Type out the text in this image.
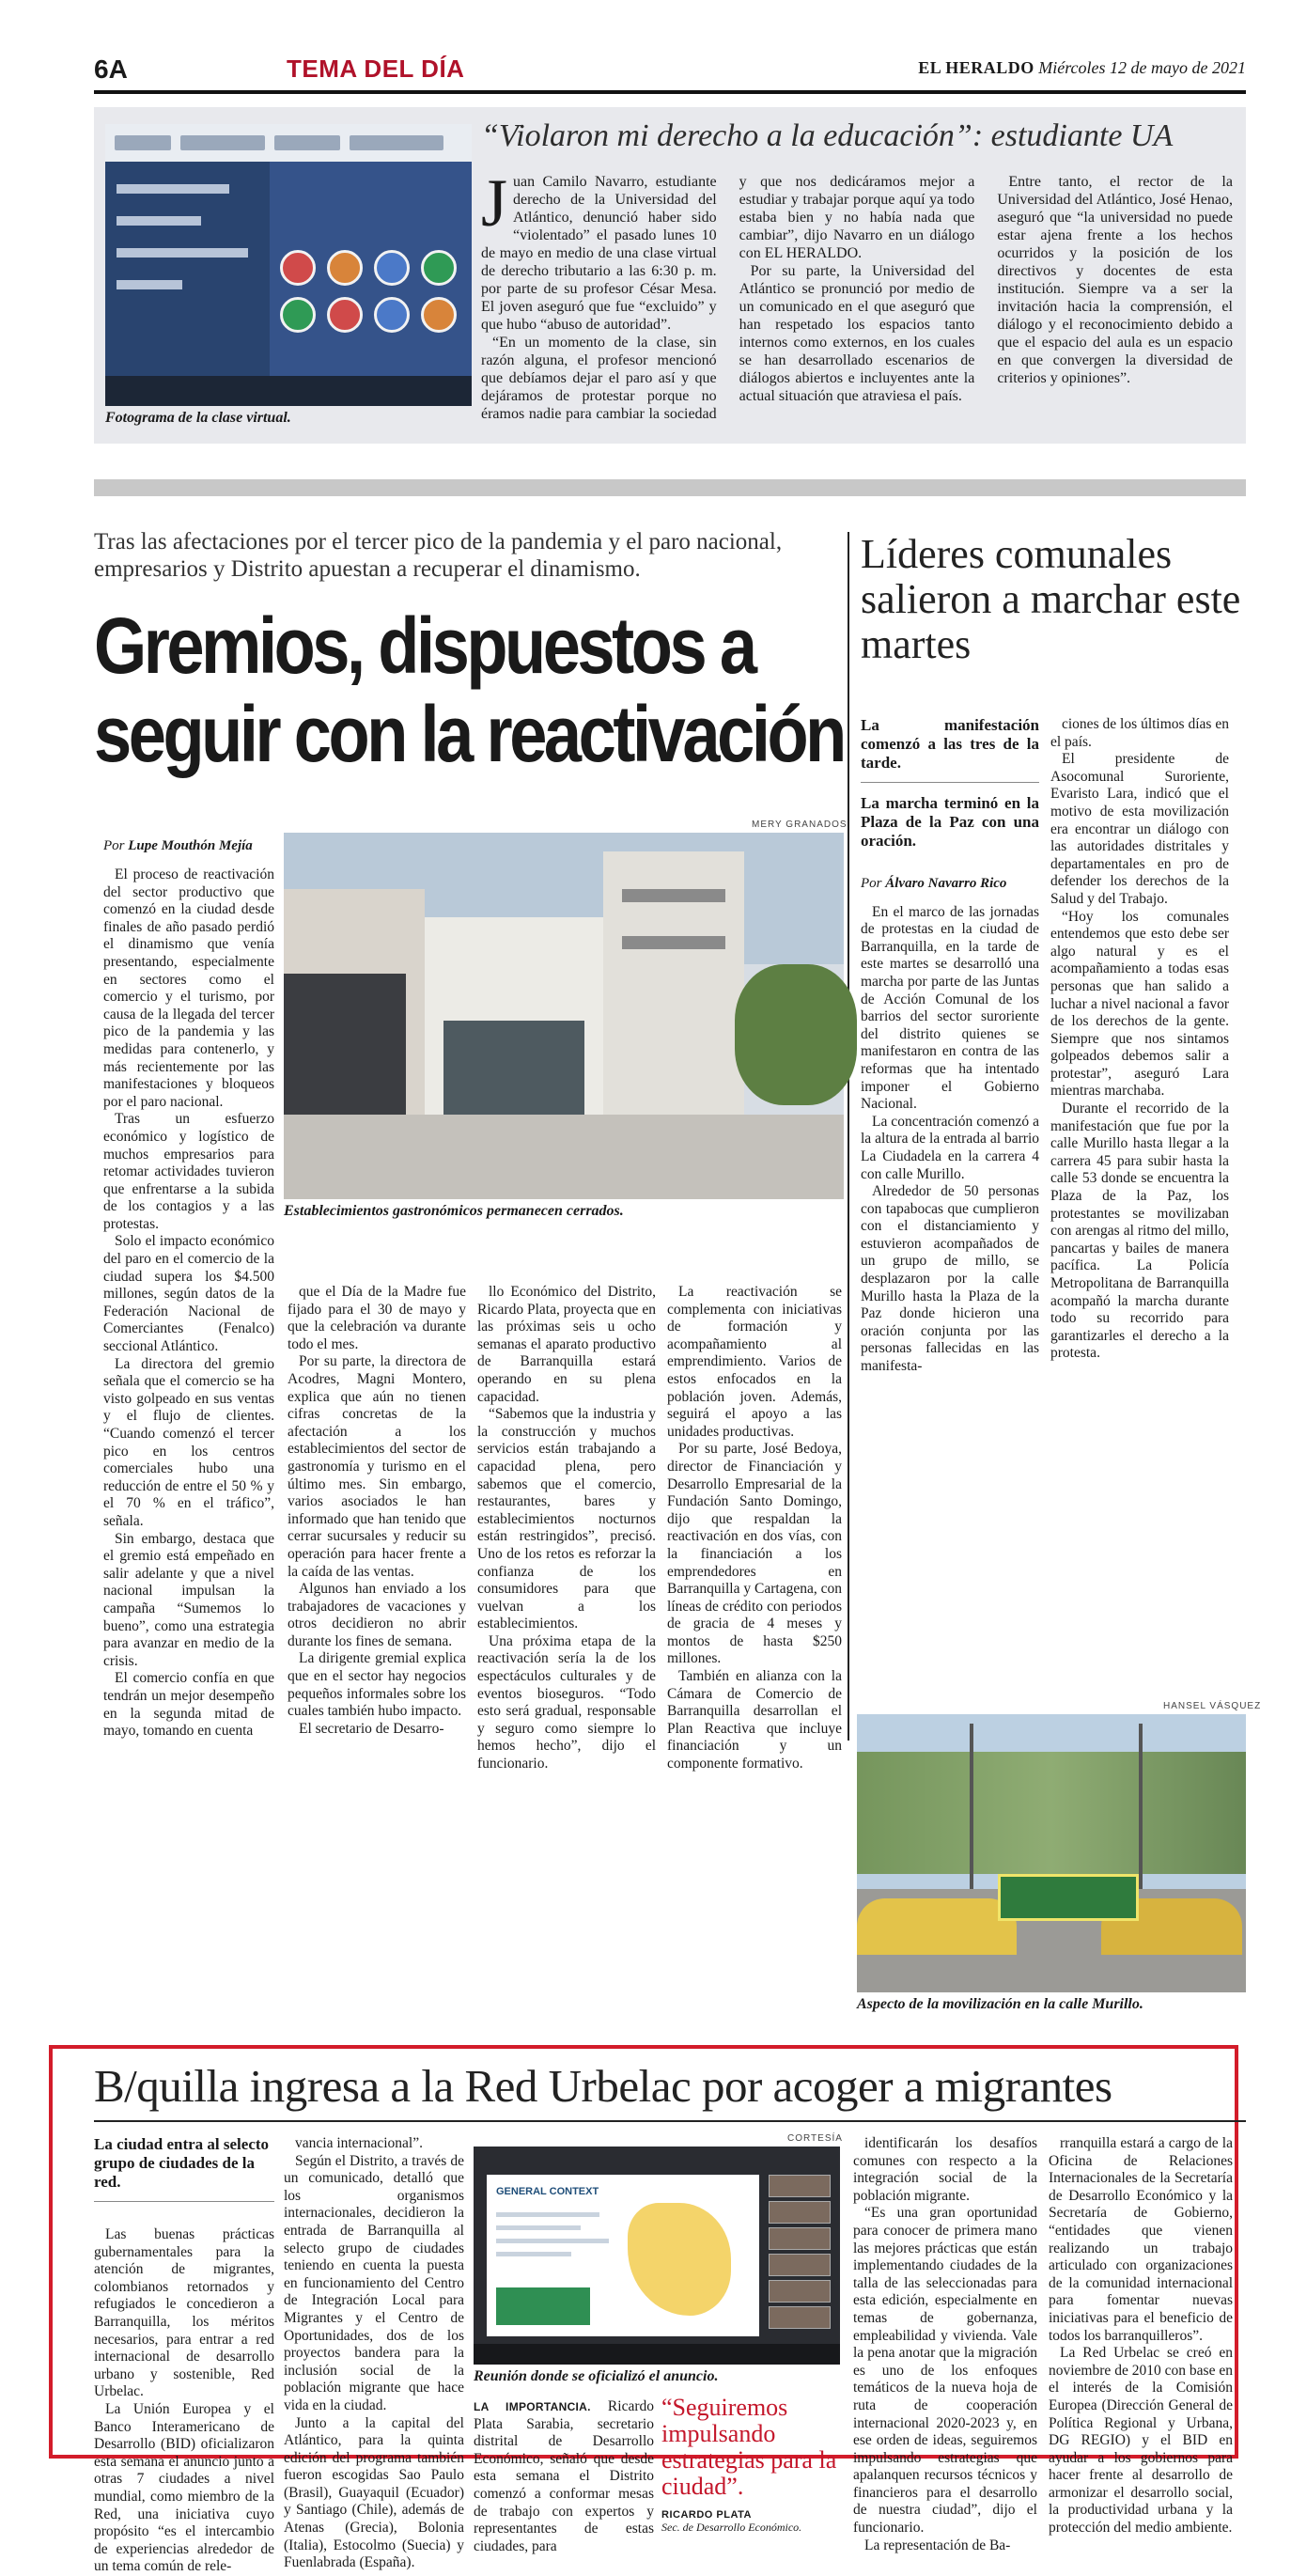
6A	TEMA DEL DÍA	EL HERALDO Miércoles 12 de mayo de 2021

Fotograma de la clase virtual.
“Violaron mi derecho a la educación”: estudiante UA

Juan Camilo Navarro, estudiante derecho de la Universidad del Atlántico, denunció haber sido “violentado” el pasado lunes 10 de mayo en medio de una clase virtual de derecho tributario a las 6:30 p. m. por parte de su profesor César Mesa. El joven aseguró que fue “excluido” y que hubo “abuso de autoridad”.

“En un momento de la clase, sin razón alguna, el profesor mencionó que debíamos dejar el paro así y que dejáramos de protestar porque no éramos nadie para cambiar la sociedad y que nos dedicáramos mejor a estudiar y trabajar porque aquí ya todo estaba bien y no había nada que cambiar”, dijo Navarro en un diálogo con EL HERALDO.

Por su parte, la Universidad del Atlántico se pronunció por medio de un comunicado en el que aseguró que han respetado los espacios tanto internos como externos, en los cuales se han desarrollado escenarios de diálogos abiertos e incluyentes ante la actual situación que atraviesa el país.

Entre tanto, el rector de la Universidad del Atlántico, José Henao, aseguró que “la universidad no puede estar ajena frente a los hechos ocurridos y la posición de los directivos y docentes de esta institución. Siempre va a ser la invitación hacia la comprensión, el diálogo y el reconocimiento debido a que el espacio del aula es un espacio en que convergen la diversidad de criterios y opiniones”.

Tras las afectaciones por el tercer pico de la pandemia y el paro nacional, empresarios y Distrito apuestan a recuperar el dinamismo.
Gremios, dispuestos a
seguir con la reactivación
Por Lupe Mouthón Mejía
MERY GRANADOS
Establecimientos gastronómicos permanecen cerrados.

El proceso de reactivación del sector productivo que comenzó en la ciudad desde finales de año pasado perdió el dinamismo que venía presentando, especialmente en sectores como el comercio y el turismo, por causa de la llegada del tercer pico de la pandemia y las medidas para contenerlo, y más recientemente por las manifestaciones y bloqueos por el paro nacional.

Tras un esfuerzo económico y logístico de muchos empresarios para retomar actividades tuvieron que enfrentarse a la subida de los contagios y a las protestas.

Solo el impacto económico del paro en el comercio de la ciudad supera los $4.500 millones, según datos de la Federación Nacional de Comerciantes (Fenalco) seccional Atlántico.

La directora del gremio señala que el comercio se ha visto golpeado en sus ventas y el flujo de clientes. “Cuando comenzó el tercer pico en los centros comerciales hubo una reducción de entre el 50 % y el 70 % en el tráfico”, señala.

Sin embargo, destaca que el gremio está empeñado en salir adelante y que a nivel nacional impulsan la campaña “Sumemos lo bueno”, como una estrategia para avanzar en medio de la crisis.

El comercio confía en que tendrán un mejor desempeño en la segunda mitad de mayo, tomando en cuenta

que el Día de la Madre fue fijado para el 30 de mayo y que la celebración va durante todo el mes.

Por su parte, la directora de Acodres, Magni Montero, explica que aún no tienen cifras concretas de la afectación a los establecimientos del sector de gastronomía y turismo en el último mes. Sin embargo, varios asociados le han informado que han tenido que cerrar sucursales y reducir su operación para hacer frente a la caída de las ventas.

Algunos han enviado a los trabajadores de vacaciones y otros decidieron no abrir durante los fines de semana.

La dirigente gremial explica que en el sector hay negocios pequeños informales sobre los cuales también hubo impacto.

El secretario de Desarro-

llo Económico del Distrito, Ricardo Plata, proyecta que en las próximas seis u ocho semanas el aparato productivo de Barranquilla estará operando en su plena capacidad.

“Sabemos que la industria y la construcción y muchos servicios están trabajando a capacidad plena, pero sabemos que el comercio, restaurantes, bares y establecimientos nocturnos están restringidos”, precisó. Uno de los retos es reforzar la confianza de los consumidores para que vuelvan a los establecimientos.

Una próxima etapa de la reactivación sería la de los espectáculos culturales y de eventos bioseguros. “Todo esto será gradual, responsable y seguro como siempre lo hemos hecho”, dijo el funcionario.

La reactivación se complementa con iniciativas de formación y acompañamiento al emprendimiento. Varios de estos enfocados en la población joven. Además, seguirá el apoyo a las unidades productivas.

Por su parte, José Bedoya, director de Financiación y Desarrollo Empresarial de la Fundación Santo Domingo, dijo que respaldan la reactivación en dos vías, con la financiación a los emprendedores en Barranquilla y Cartagena, con líneas de crédito con periodos de gracia de 4 meses y montos de hasta $250 millones.

También en alianza con la Cámara de Comercio de Barranquilla desarrollan el Plan Reactiva que incluye financiación y un componente formativo.

Líderes comunales salieron a marchar este martes
La manifestación comenzó a las tres de la tarde.
La marcha terminó en la Plaza de la Paz con una oración.
Por Álvaro Navarro Rico

En el marco de las jornadas de protestas en la ciudad de Barranquilla, en la tarde de este martes se desarrolló una marcha por parte de las Juntas de Acción Comunal de los barrios del sector suroriente del distrito quienes se manifestaron en contra de las reformas que ha intentado imponer el Gobierno Nacional.

La concentración comenzó a la altura de la entrada al barrio La Ciudadela en la carrera 4 con calle Murillo.

Alrededor de 50 personas con tapabocas que cumplieron con el distanciamiento y estuvieron acompañados de un grupo de millo, se desplazaron por la calle Murillo hasta la Plaza de la Paz donde hicieron una oración conjunta por las personas fallecidas en las manifesta-

ciones de los últimos días en el país.

El presidente de Asocomunal Suroriente, Evaristo Lara, indicó que el motivo de esta movilización era encontrar un diálogo con las autoridades distritales y departamentales en pro de defender los derechos de la Salud y del Trabajo.

“Hoy los comunales entendemos que esto debe ser algo natural y es el acompañamiento a todas esas personas que han salido a luchar a nivel nacional a favor de los derechos de la gente. Siempre que nos sintamos golpeados debemos salir a protestar”, aseguró Lara mientras marchaba.

Durante el recorrido de la manifestación que fue por la calle Murillo hasta llegar a la carrera 45 para subir hasta la calle 53 donde se encuentra la Plaza de la Paz, los protestantes se movilizaban con arengas al ritmo del millo, pancartas y bailes de manera pacífica. La Policía Metropolitana de Barranquilla acompañó la marcha durante todo su recorrido para garantizarles el derecho a la protesta.

HANSEL VÁSQUEZ
Aspecto de la movilización en la calle Murillo.
B/quilla ingresa a la Red Urbelac por acoger a migrantes
La ciudad entra al selecto grupo de ciudades de la red.

Las buenas prácticas gubernamentales para la atención de migrantes, colombianos retornados y refugiados le concedieron a Barranquilla, los méritos necesarios, para entrar a red internacional de desarrollo urbano y sostenible, Red Urbelac.

La Unión Europea y el Banco Interamericano de Desarrollo (BID) oficializaron esta semana el anuncio junto a otras 7 ciudades a nivel mundial, como miembro de la Red, una iniciativa cuyo propósito “es el intercambio de experiencias alrededor de un tema común de rele-

vancia internacional”.

Según el Distrito, a través de un comunicado, detalló que los organismos internacionales, decidieron la entrada de Barranquilla al selecto grupo de ciudades teniendo en cuenta la puesta en funcionamiento del Centro de Integración Local para Migrantes y el Centro de Oportunidades, dos de los proyectos bandera para la inclusión social de la población migrante que hace vida en la ciudad.

Junto a la capital del Atlántico, para la quinta edición del programa también fueron escogidas Sao Paulo (Brasil), Guayaquil (Ecuador) y Santiago (Chile), además de Atenas (Grecia), Bolonia (Italia), Estocolmo (Suecia) y Fuenlabrada (España).

CORTESÍA
GENERAL CONTEXT
Reunión donde se oficializó el anuncio.

LA IMPORTANCIA. Ricardo Plata Sarabia, secretario distrital de Desarrollo Económico, señaló que desde esta semana el Distrito comenzó a conformar mesas de trabajo con expertos y representantes de estas ciudades, para

“Seguiremos impulsando estrategias para la ciudad”.
RICARDO PLATA
Sec. de Desarrollo Económico.

identificarán los desafíos comunes con respecto a la integración social de la población migrante.

“Es una gran oportunidad para conocer de primera mano las mejores prácticas que están implementando ciudades de la talla de las seleccionadas para esta edición, especialmente en temas de gobernanza, empleabilidad y vivienda. Vale la pena anotar que la migración es uno de los enfoques temáticos de la nueva hoja de ruta de cooperación internacional 2020-2023 y, en ese orden de ideas, seguiremos impulsando estrategias que apalanquen recursos técnicos y financieros para el desarrollo de nuestra ciudad”, dijo el funcionario.

La representación de Ba-

rranquilla estará a cargo de la Oficina de Relaciones Internacionales de la Secretaría de Desarrollo Económico y la Secretaría de Gobierno, “entidades que vienen realizando un trabajo articulado con organizaciones de la comunidad internacional para fomentar nuevas iniciativas para el beneficio de todos los barranquilleros”.

La Red Urbelac se creó en noviembre de 2010 con base en el interés de la Comisión Europea (Dirección General de Política Regional y Urbana, DG REGIO) y el BID en ayudar a los gobiernos para hacer frente al desarrollo de armonizar el desarrollo social, la productividad urbana y la protección del medio ambiente.
